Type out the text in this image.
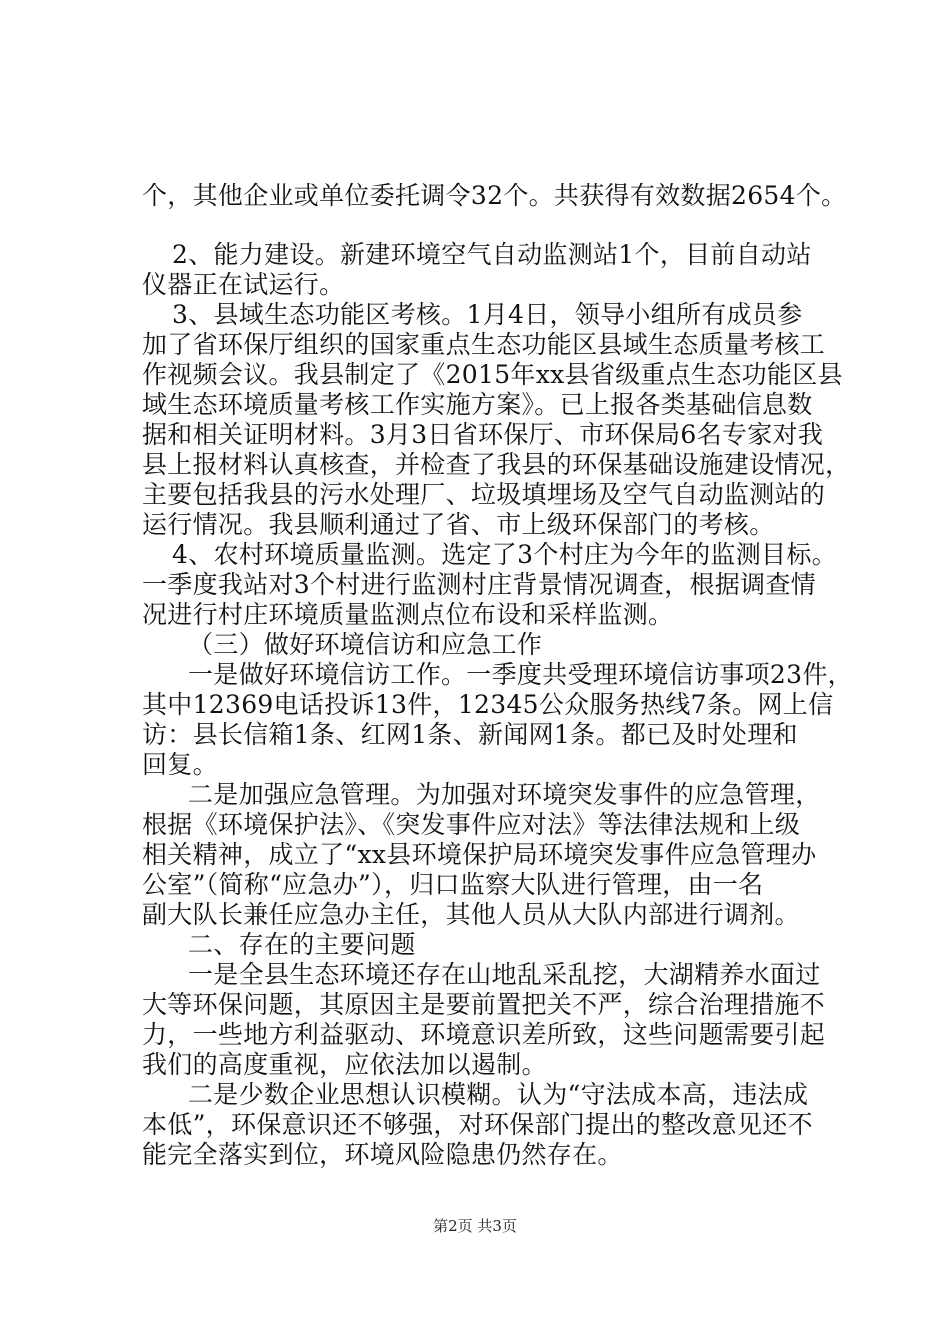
个，其他企业或单位委托调令32个。共获得有效数据2654个。
2、能力建设。新建环境空气自动监测站1个，目前自动站
仪器正在试运行。
3、县域生态功能区考核。1月4日，领导小组所有成员参
加了省环保厅组织的国家重点生态功能区县域生态质量考核工
作视频会议。我县制定了《2015年xx县省级重点生态功能区县
域生态环境质量考核工作实施方案》。已上报各类基础信息数
据和相关证明材料。3月3日省环保厅、市环保局6名专家对我
县上报材料认真核查，并检查了我县的环保基础设施建设情况，
主要包括我县的污水处理厂、垃圾填埋场及空气自动监测站的
运行情况。我县顺利通过了省、市上级环保部门的考核。
4、农村环境质量监测。选定了3个村庄为今年的监测目标。
一季度我站对3个村进行监测村庄背景情况调查，根据调查情
况进行村庄环境质量监测点位布设和采样监测。
（三）做好环境信访和应急工作
一是做好环境信访工作。一季度共受理环境信访事项23件，
其中12369电话投诉13件，12345公众服务热线7条。网上信
访：县长信箱1条、红网1条、新闻网1条。都已及时处理和
回复。
二是加强应急管理。为加强对环境突发事件的应急管理，
根据《环境保护法》、《突发事件应对法》等法律法规和上级
相关精神，成立了“xx县环境保护局环境突发事件应急管理办
公室”（简称“应急办”），归口监察大队进行管理，由一名
副大队长兼任应急办主任，其他人员从大队内部进行调剂。
二、存在的主要问题
一是全县生态环境还存在山地乱采乱挖，大湖精养水面过
大等环保问题，其原因主是要前置把关不严，综合治理措施不
力，一些地方利益驱动、环境意识差所致，这些问题需要引起
我们的高度重视，应依法加以遏制。
二是少数企业思想认识模糊。认为“守法成本高，违法成
本低”，环保意识还不够强，对环保部门提出的整改意见还不
能完全落实到位，环境风险隐患仍然存在。
第2页 共3页
